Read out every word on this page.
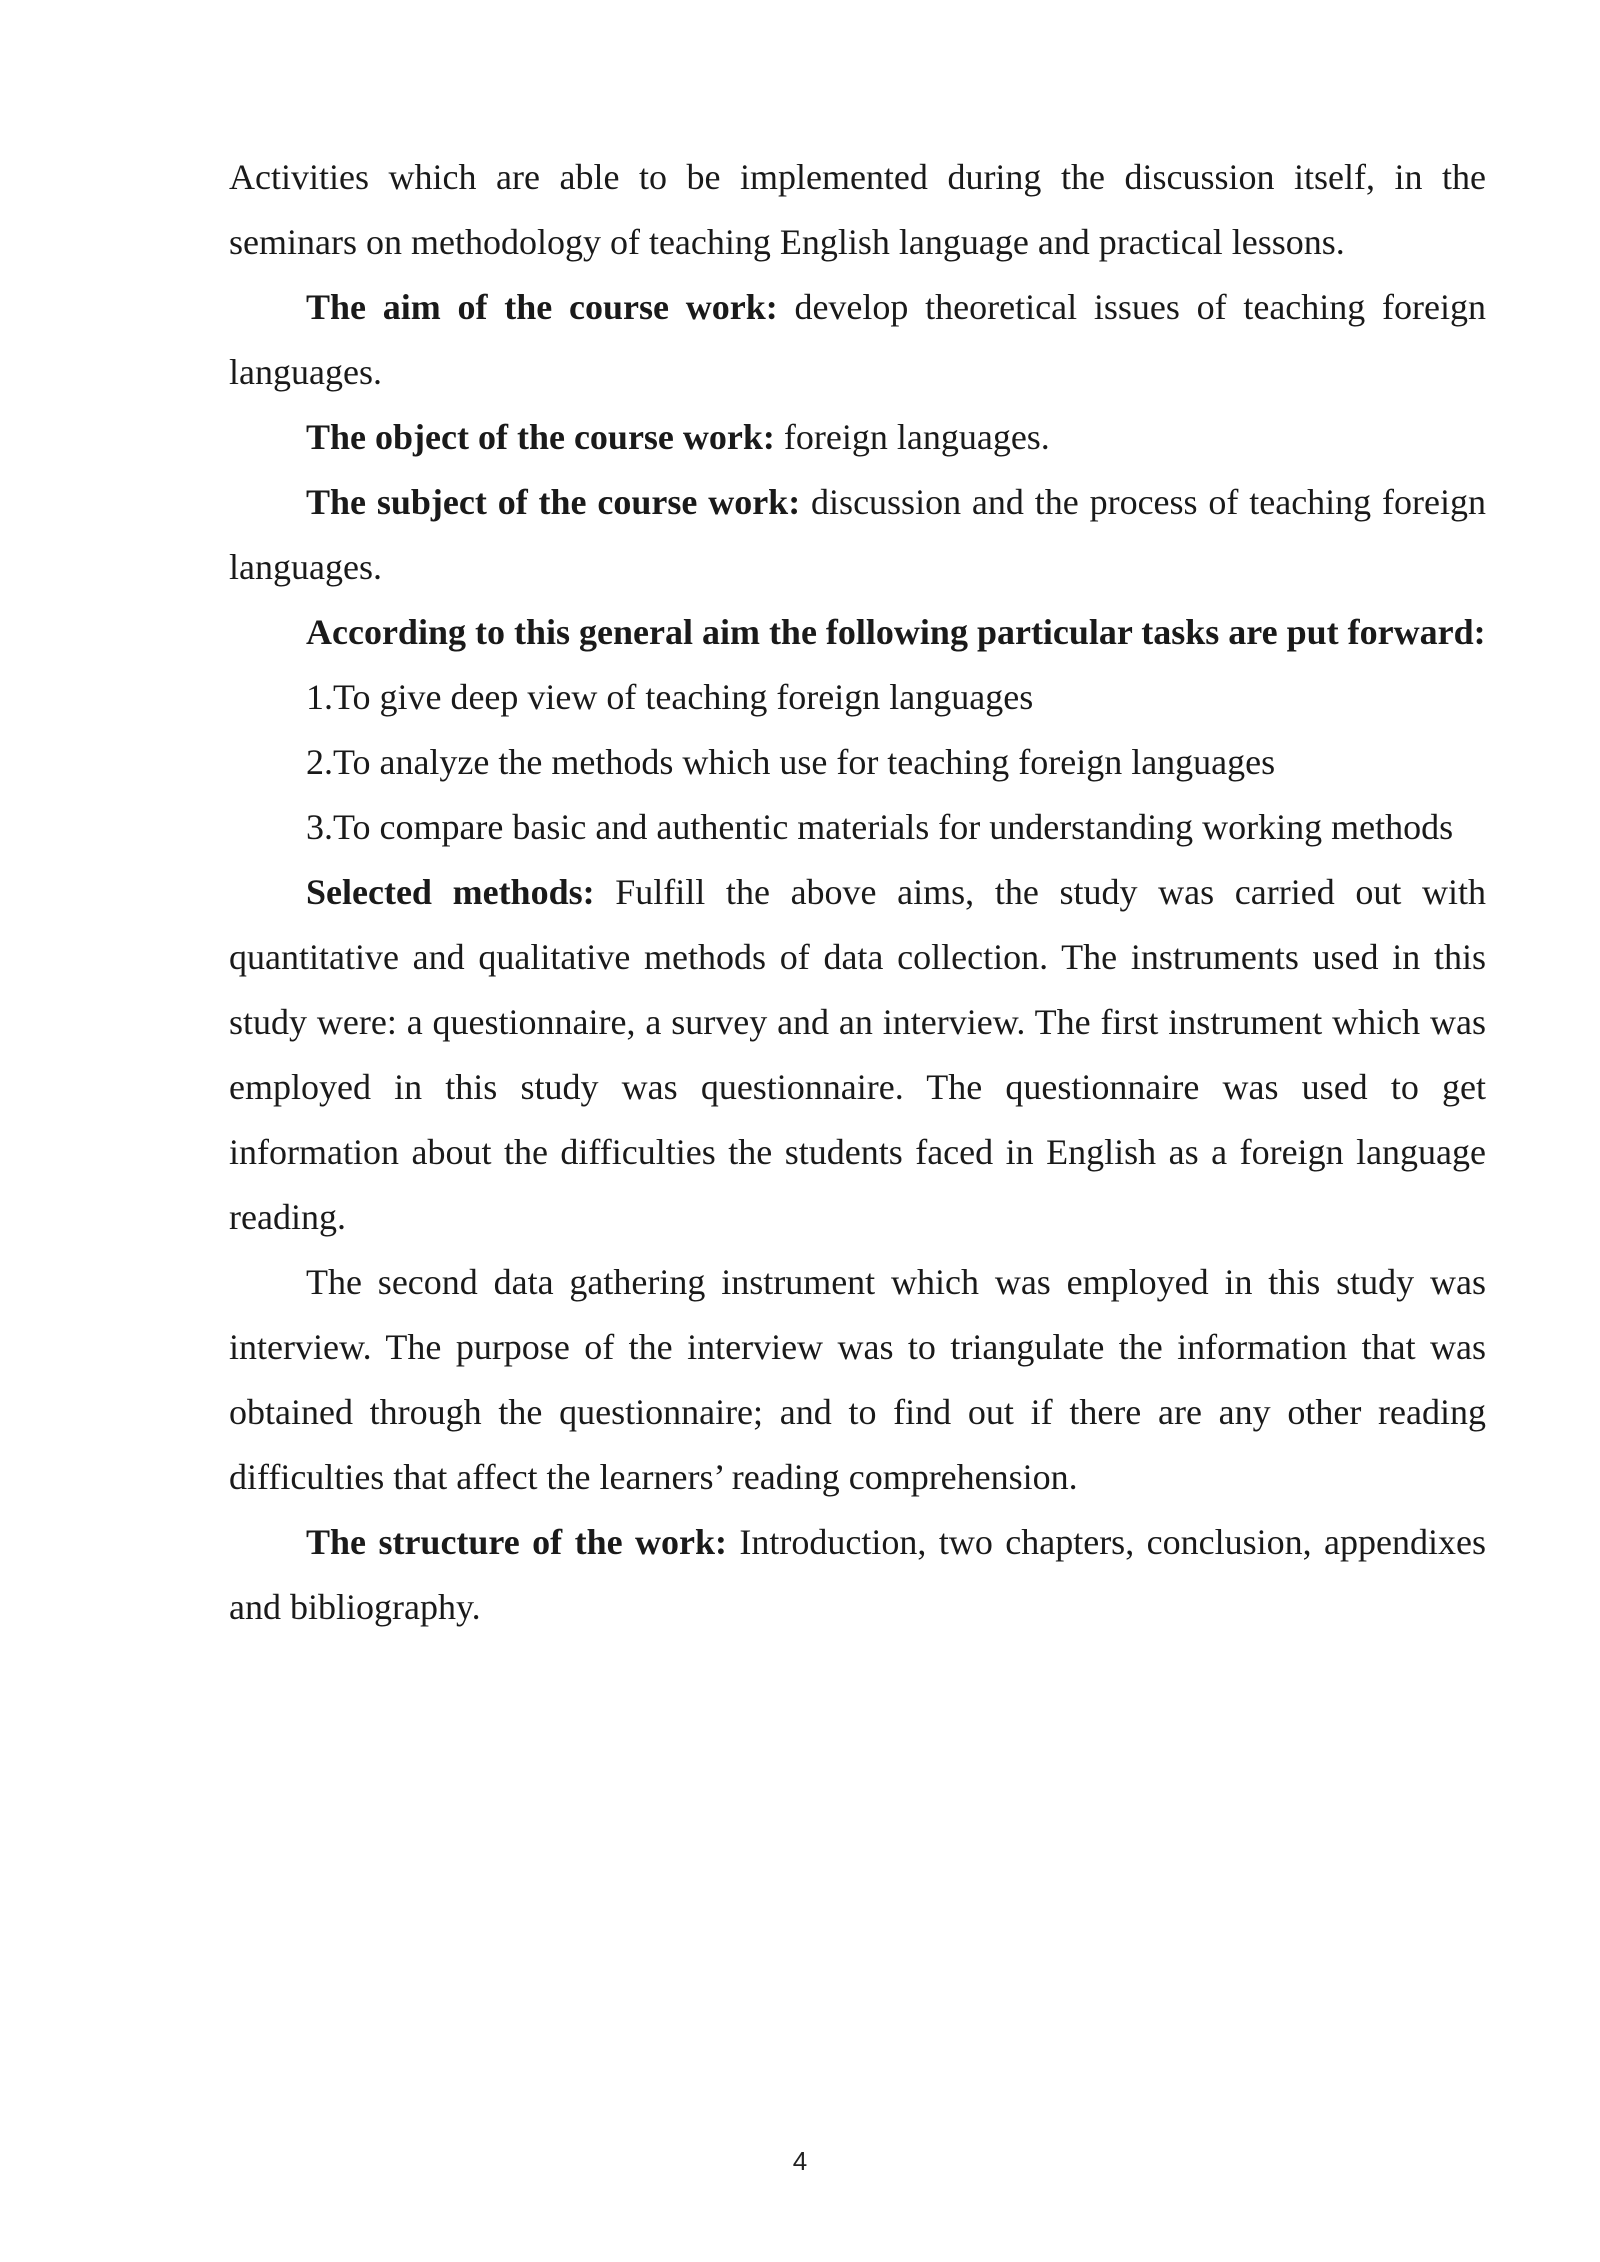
Activities which are able to be implemented during the discussion itself, in the seminars on methodology of teaching English language and practical lessons.

The aim of the course work: develop theoretical issues of teaching foreign languages.

The object of the course work: foreign languages.

The subject of the course work: discussion and the process of teaching foreign languages.

According to this general aim the following particular tasks are put forward:

1.To give deep view of teaching foreign languages

2.To analyze the methods which use for teaching foreign languages

3.To compare basic and authentic materials for understanding working methods

Selected methods: Fulfill the above aims, the study was carried out with quantitative and qualitative methods of data collection. The instruments used in this study were: a questionnaire, a survey and an interview. The first instrument which was employed in this study was questionnaire. The questionnaire was used to get information about the difficulties the students faced in English as a foreign language reading.

The second data gathering instrument which was employed in this study was interview. The purpose of the interview was to triangulate the information that was obtained through the questionnaire; and to find out if there are any other reading difficulties that affect the learners’ reading comprehension.

The structure of the work: Introduction, two chapters, conclusion, appendixes and bibliography.

4
